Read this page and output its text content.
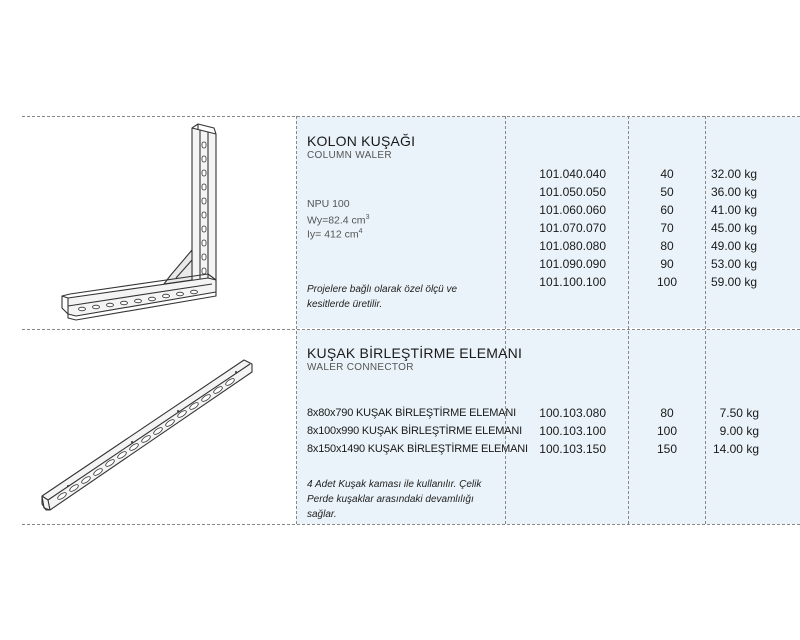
KOLON KUŞAĞI
COLUMN WALER
NPU 100
Wy=82.4 $cm^3$
Iy= 412 $cm^4$
Projelere bağlı olarak özel ölçü ve kesitlerde üretilir.
101.040.040
101.050.050
101.060.060
101.070.070
101.080.080
101.090.090
101.100.100
40
50
60
70
80
90
100
32.00 kg
36.00 kg
41.00 kg
45.00 kg
49.00 kg
53.00 kg
59.00 kg
KUŞAK BİRLEŞTİRME ELEMANI
WALER CONNECTOR
8x80x790 KUŞAK BİRLEŞTİRME ELEMANI
8x100x990 KUŞAK BİRLEŞTİRME ELEMANI
8x150x1490 KUŞAK BİRLEŞTİRME ELEMANI
100.103.080
100.103.100
100.103.150
80
100
150
7.50 kg
9.00 kg
14.00 kg
4 Adet Kuşak kaması ile kullanılır. Çelik Perde kuşaklar arasındaki devamlılığı sağlar.
